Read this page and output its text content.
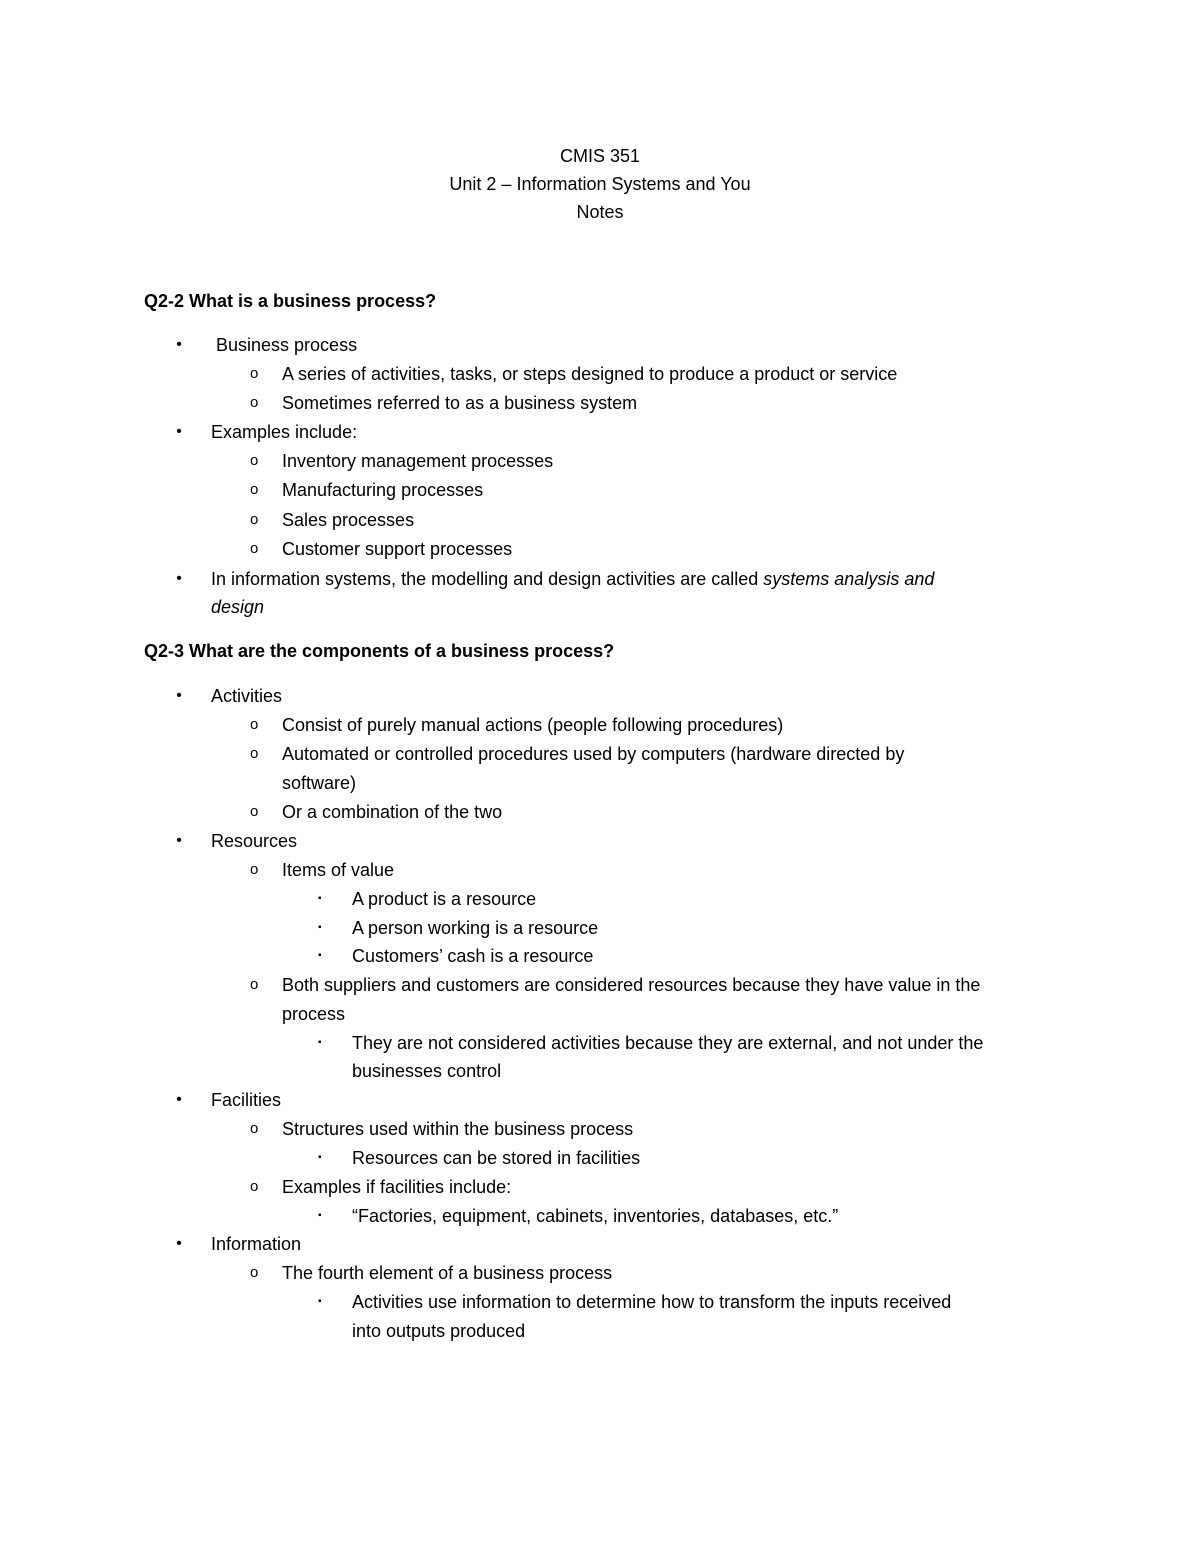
CMIS 351
Unit 2 – Information Systems and You
Notes
Q2-2 What is a business process?
•	Business process
o A series of activities, tasks, or steps designed to produce a product or service
o Sometimes referred to as a business system
•	Examples include:
o Inventory management processes
o Manufacturing processes
o Sales processes
o Customer support processes
•	In information systems, the modelling and design activities are called systems analysis and
design
Q2-3 What are the components of a business process?
•	Activities
o Consist of purely manual actions (people following procedures)
o Automated or controlled procedures used by computers (hardware directed by
software)
o Or a combination of the two
•	Resources
o Items of value
▪ A product is a resource
▪ A person working is a resource
▪ Customers’ cash is a resource
o Both suppliers and customers are considered resources because they have value in the
process
▪ They are not considered activities because they are external, and not under the
businesses control
•	Facilities
o Structures used within the business process
▪ Resources can be stored in facilities
o Examples if facilities include:
▪ “Factories, equipment, cabinets, inventories, databases, etc.”
•	Information
o The fourth element of a business process
▪ Activities use information to determine how to transform the inputs received
into outputs produced
